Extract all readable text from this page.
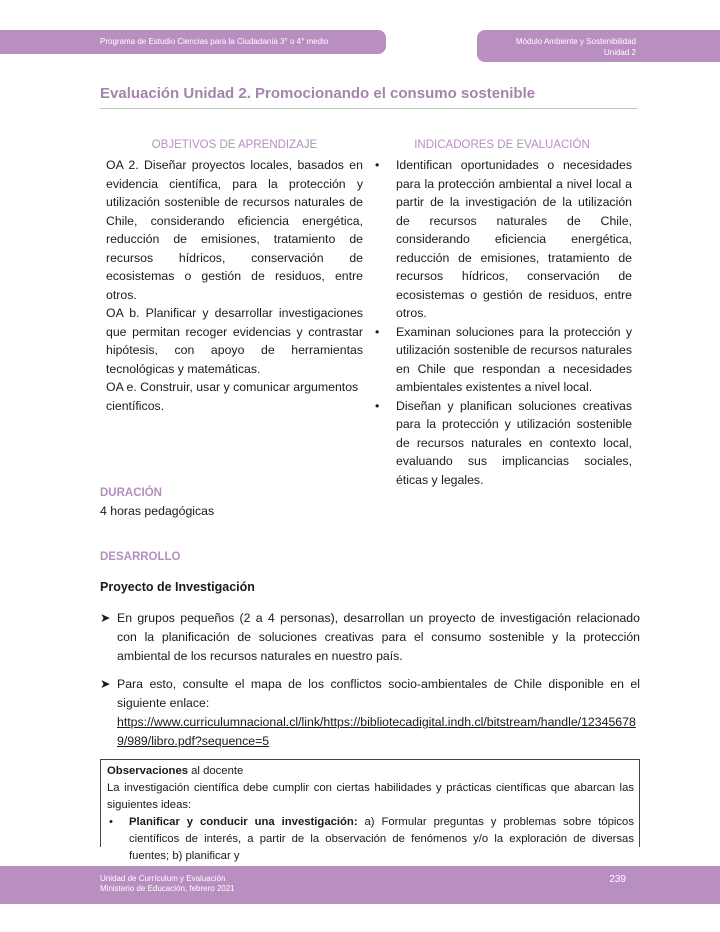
Programa de Estudio Ciencias para la Ciudadanía 3° o 4° medio	Módulo Ambiente y Sostenibilidad
Unidad 2
Evaluación Unidad 2. Promocionando el consumo sostenible
OBJETIVOS DE APRENDIZAJE	INDICADORES DE EVALUACIÓN

OA 2. Diseñar proyectos locales, basados en evidencia científica, para la protección y utilización sostenible de recursos naturales de Chile, considerando eficiencia energética, reducción de emisiones, tratamiento de recursos hídricos, conservación de ecosistemas o gestión de residuos, entre otros.

OA b. Planificar y desarrollar investigaciones que permitan recoger evidencias y contrastar hipótesis, con apoyo de herramientas tecnológicas y matemáticas.

OA e. Construir, usar y comunicar argumentos científicos.

• Identifican oportunidades o necesidades para la protección ambiental a nivel local a partir de la investigación de la utilización de recursos naturales de Chile, considerando eficiencia energética, reducción de emisiones, tratamiento de recursos hídricos, conservación de ecosistemas o gestión de residuos, entre otros.
• Examinan soluciones para la protección y utilización sostenible de recursos naturales en Chile que respondan a necesidades ambientales existentes a nivel local.
• Diseñan y planifican soluciones creativas para la protección y utilización sostenible de recursos naturales en contexto local, evaluando sus implicancias sociales, éticas y legales.
DURACIÓN
4 horas pedagógicas
DESARROLLO
Proyecto de Investigación
➤ En grupos pequeños (2 a 4 personas), desarrollan un proyecto de investigación relacionado con la planificación de soluciones creativas para el consumo sostenible y la protección ambiental de los recursos naturales en nuestro país.
➤ Para esto, consulte el mapa de los conflictos socio-ambientales de Chile disponible en el siguiente enlace:
https://www.curriculumnacional.cl/link/https://bibliotecadigital.indh.cl/bitstream/handle/123456789/989/libro.pdf?sequence=5
Observaciones al docente
La investigación científica debe cumplir con ciertas habilidades y prácticas científicas que abarcan las siguientes ideas:
• Planificar y conducir una investigación: a) Formular preguntas y problemas sobre tópicos científicos de interés, a partir de la observación de fenómenos y/o la exploración de diversas fuentes; b) planificar y
Unidad de Currículum y Evaluación
Ministerio de Educación, febrero 2021
239
